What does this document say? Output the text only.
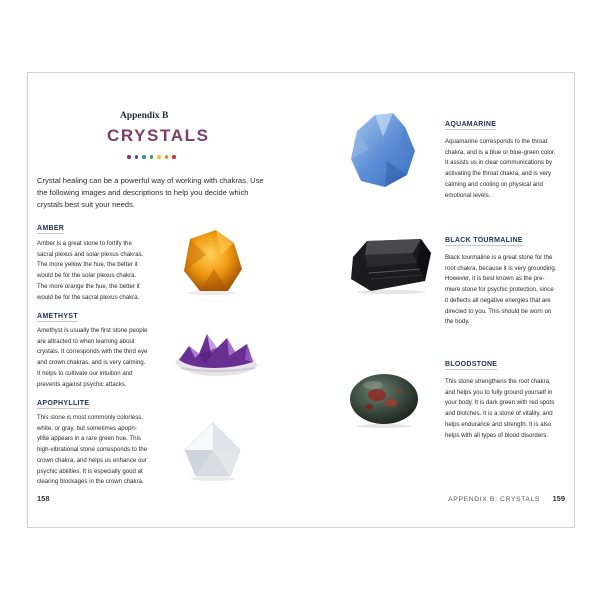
Appendix B
CRYSTALS
Crystal healing can be a powerful way of working with chakras. Use the following images and descriptions to help you decide which crystals best suit your needs.
AMBER
Amber is a great stone to fortify the
sacral plexus and solar plexus chakras.
The more yellow the hue, the better it
would be for the solar plexus chakra.
The more orange the hue, the better it
would be for the sacral plexus chakra.
AMETHYST
Amethyst is usually the first stone people
are attracted to when learning about
crystals. It corresponds with the third eye
and crown chakras, and is very calming.
It helps to cultivate our intuition and
prevents against psychic attacks.
APOPHYLLITE
This stone is most commonly colorless,
white, or gray, but sometimes apoph-
yllite appears in a rare green hue. This
high-vibrational stone corresponds to the
crown chakra, and helps us enhance our
psychic abilities. It is especially good at
clearing blockages in the crown chakra.
158
AQUAMARINE
Aquamarine corresponds to the throat
chakra, and is a blue or blue-green color.
It assists us in clear communications by
activating the throat chakra, and is very
calming and cooling on physical and
emotional levels.
BLACK TOURMALINE
Black tourmaline is a great stone for the
root chakra, because it is very grounding.
However, it is best known as the pre-
miere stone for psychic protection, since
it deflects all negative energies that are
directed to you. This should be worn on
the body.
BLOODSTONE
This stone strengthens the root chakra,
and helps you to fully ground yourself in
your body. It is dark green with red spots
and blotches. It is a stone of vitality, and
helps endurance and strength. It is also
helps with all types of blood disorders.
APPENDIX B: CRYSTALS 159
